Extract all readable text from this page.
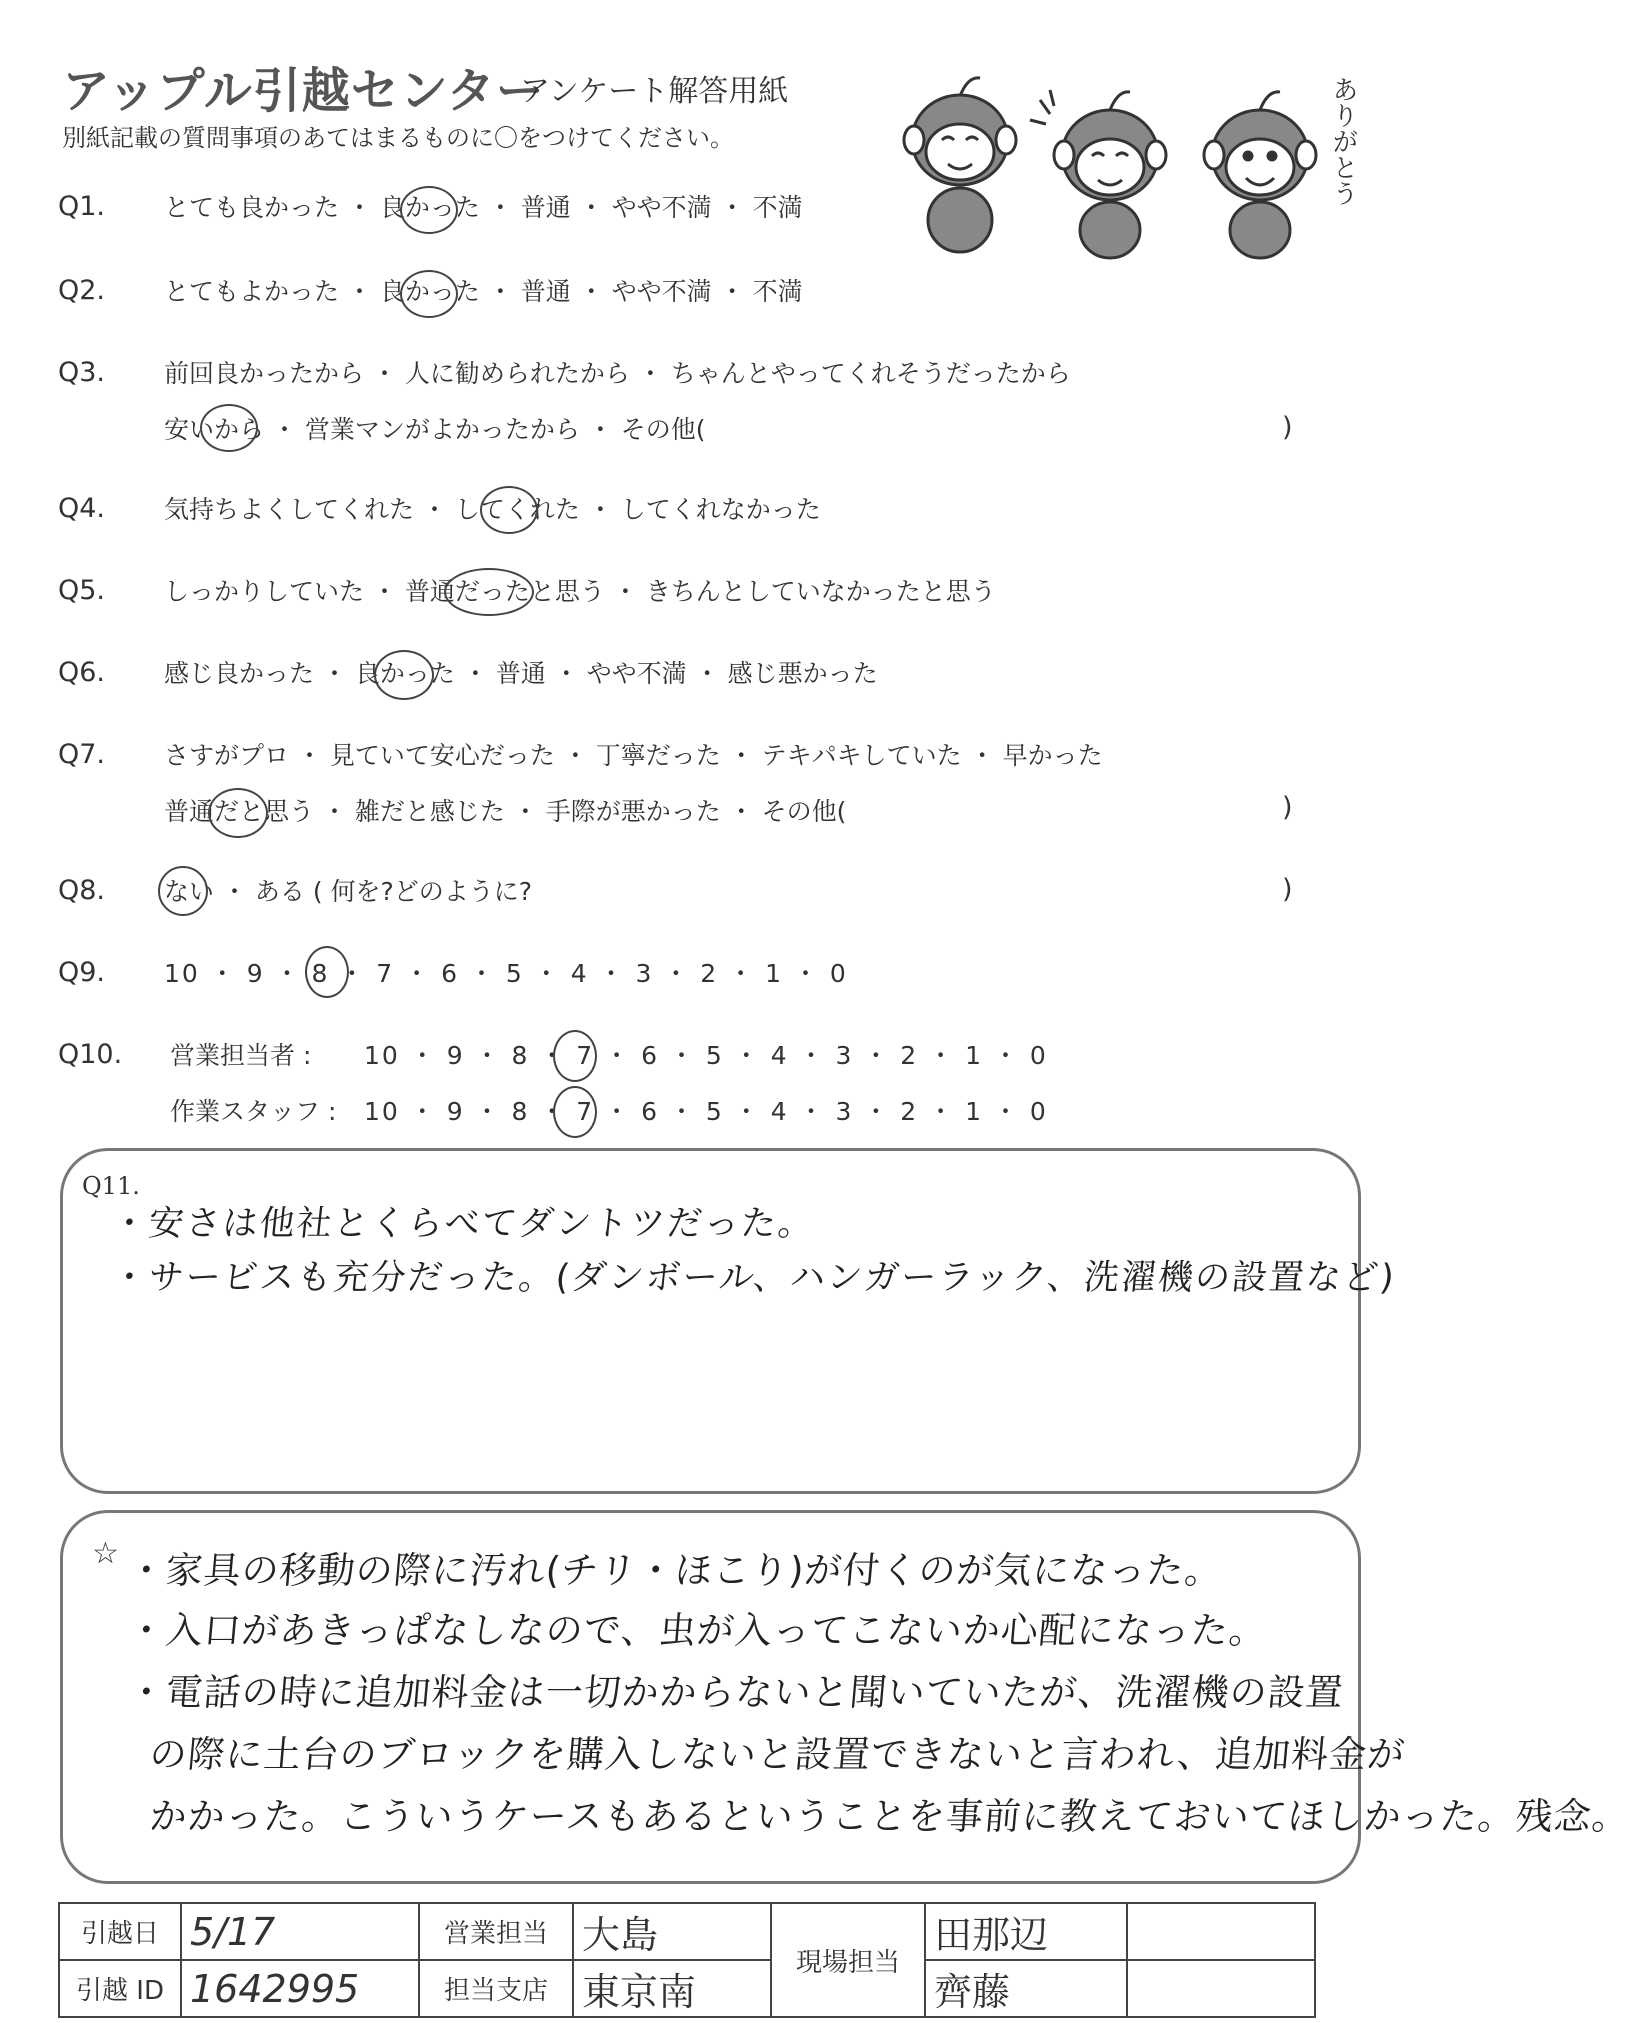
アップル引越センター
アンケート解答用紙
別紙記載の質問事項のあてはまるものに〇をつけてください。	ありがとう
Q1.	とても良かった ・ 良かった ・ 普通 ・ やや不満 ・ 不満
Q2.	とてもよかった ・ 良かった ・ 普通 ・ やや不満 ・ 不満
Q3.	前回良かったから ・ 人に勧められたから ・ ちゃんとやってくれそうだったから
安いから ・ 営業マンがよかったから ・ その他(	)
Q4.	気持ちよくしてくれた ・ してくれた ・ してくれなかった
Q5.	しっかりしていた ・ 普通だったと思う ・ きちんとしていなかったと思う
Q6.	感じ良かった ・ 良かった ・ 普通 ・ やや不満 ・ 感じ悪かった
Q7.	さすがプロ ・ 見ていて安心だった ・ 丁寧だった ・ テキパキしていた ・ 早かった
普通だと思う ・ 雑だと感じた ・ 手際が悪かった ・ その他(	)
Q8.	ない ・ ある ( 何を?どのように?	)
Q9.	10 ・ 9 ・ 8 ・ 7 ・ 6 ・ 5 ・ 4 ・ 3 ・ 2 ・ 1 ・ 0
Q10.	営業担当者 :	10 ・ 9 ・ 8 ・ 7 ・ 6 ・ 5 ・ 4 ・ 3 ・ 2 ・ 1 ・ 0
作業スタッフ :	10 ・ 9 ・ 8 ・ 7 ・ 6 ・ 5 ・ 4 ・ 3 ・ 2 ・ 1 ・ 0
Q11.
・安さは他社とくらべてダントツだった。
・サービスも充分だった。(ダンボール、ハンガーラック、洗濯機の設置など)
☆ ・家具の移動の際に汚れ(チリ・ほこり)が付くのが気になった。
・入口があきっぱなしなので、虫が入ってこないか心配になった。
・電話の時に追加料金は一切かからないと聞いていたが、洗濯機の設置
の際に土台のブロックを購入しないと設置できないと言われ、追加料金が
かかった。こういうケースもあるということを事前に教えておいてほしかった。残念。
引越日	5/17	営業担当	大島	現場担当	田那辺	
引越 ID	1642995	担当支店	東京南		齊藤	
